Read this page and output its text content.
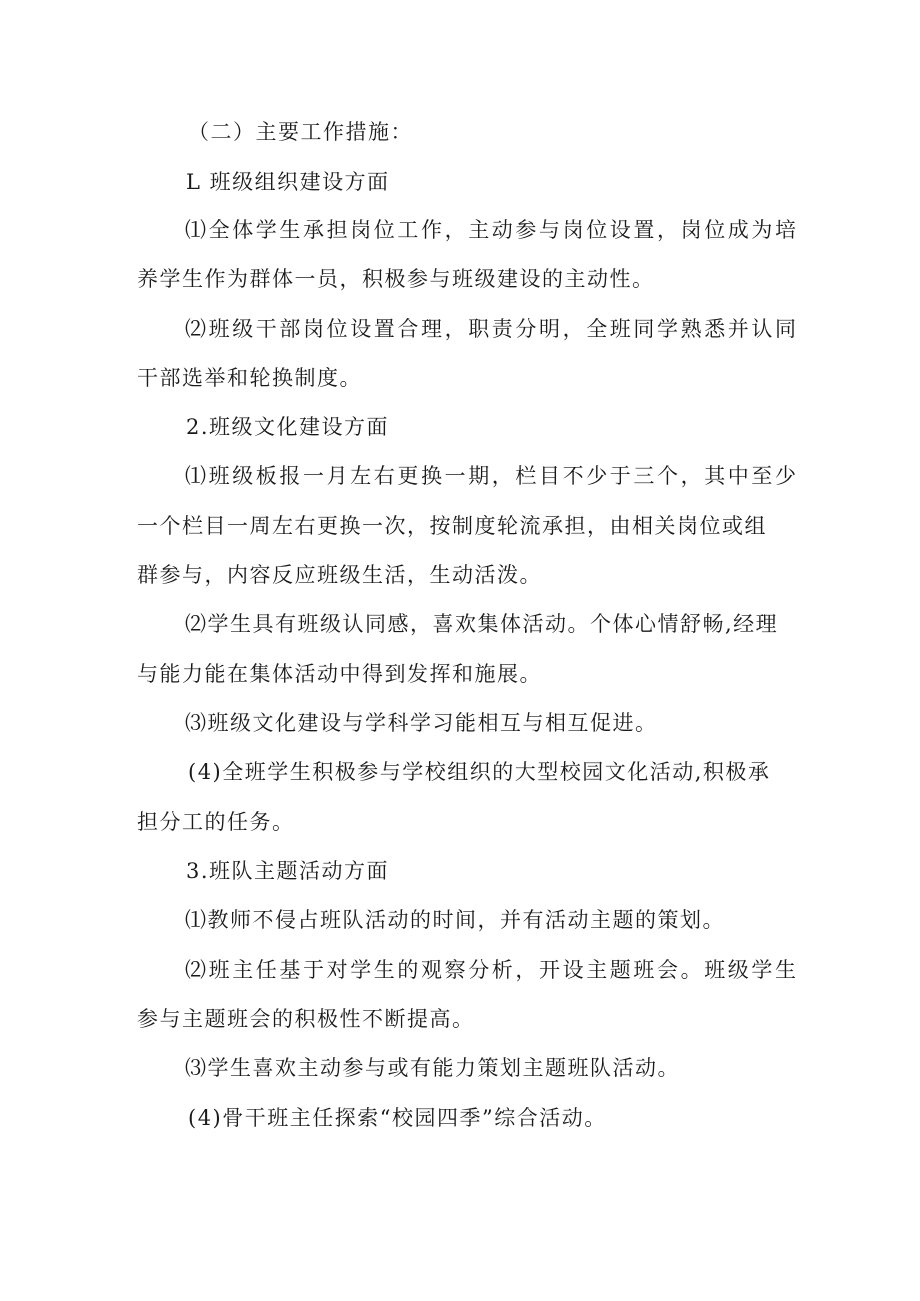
（二）主要工作措施：
L 班级组织建设方面
⑴全体学生承担岗位工作，主动参与岗位设置，岗位成为培
养学生作为群体一员，积极参与班级建设的主动性。
⑵班级干部岗位设置合理，职责分明，全班同学熟悉并认同
干部选举和轮换制度。
2.班级文化建设方面
⑴班级板报一月左右更换一期，栏目不少于三个，其中至少
一个栏目一周左右更换一次，按制度轮流承担，由相关岗位或组
群参与，内容反应班级生活，生动活泼。
⑵学生具有班级认同感，喜欢集体活动。个体心情舒畅,经理
与能力能在集体活动中得到发挥和施展。
⑶班级文化建设与学科学习能相互与相互促进。
(4)全班学生积极参与学校组织的大型校园文化活动,积极承
担分工的任务。
3.班队主题活动方面
⑴教师不侵占班队活动的时间，并有活动主题的策划。
⑵班主任基于对学生的观察分析，开设主题班会。班级学生
参与主题班会的积极性不断提高。
⑶学生喜欢主动参与或有能力策划主题班队活动。
(4)骨干班主任探索“校园四季”综合活动。
